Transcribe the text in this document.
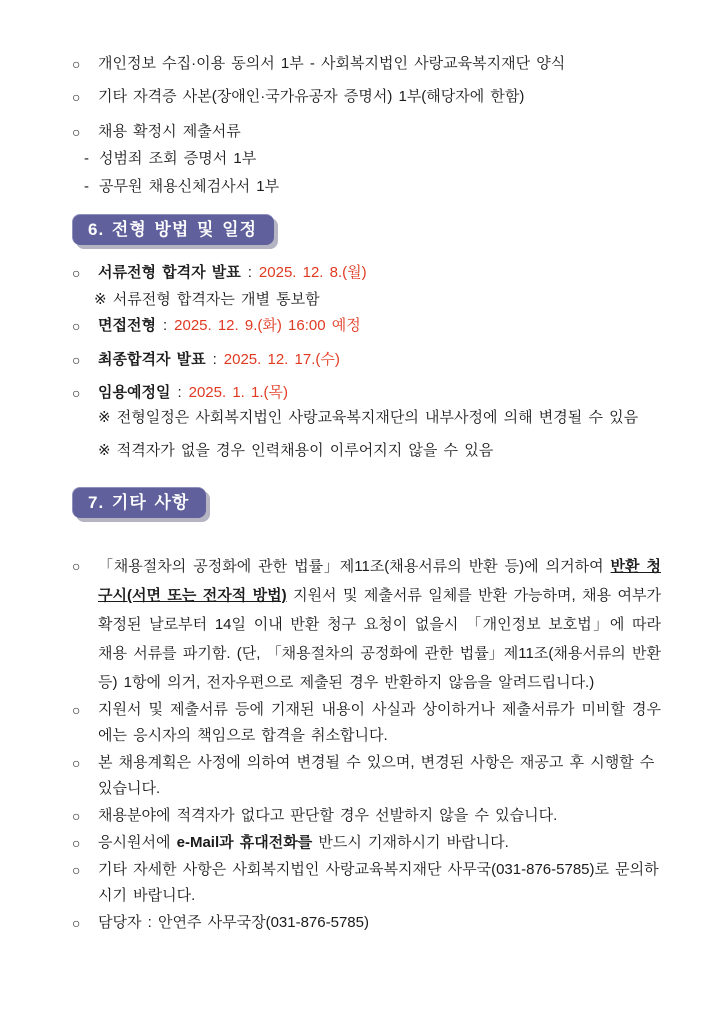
○	개인정보 수집·이용 동의서 1부 - 사회복지법인 사랑교육복지재단 양식
○	기타 자격증 사본(장애인·국가유공자 증명서) 1부(해당자에 한함)
○	채용 확정시 제출서류
- 성범죄 조회 증명서 1부
- 공무원 채용신체검사서 1부
6. 전형 방법 및 일정
○	서류전형 합격자 발표 : 2025. 12. 8.(월)
※ 서류전형 합격자는 개별 통보함
○	면접전형 : 2025. 12. 9.(화) 16:00 예정
○	최종합격자 발표 : 2025. 12. 17.(수)
○	임용예정일 : 2025. 1. 1.(목)
※ 전형일정은 사회복지법인 사랑교육복지재단의 내부사정에 의해 변경될 수 있음
※ 적격자가 없을 경우 인력채용이 이루어지지 않을 수 있음
7. 기타 사항
○	「채용절차의 공정화에 관한 법률」제11조(채용서류의 반환 등)에 의거하여 반환 청구시(서면 또는 전자적 방법) 지원서 및 제출서류 일체를 반환 가능하며, 채용 여부가 확정된 날로부터 14일 이내 반환 청구 요청이 없을시 「개인정보 보호법」에 따라 채용 서류를 파기함. (단, 「채용절차의 공정화에 관한 법률」제11조(채용서류의 반환 등) 1항에 의거, 전자우편으로 제출된 경우 반환하지 않음을 알려드립니다.)
○	지원서 및 제출서류 등에 기재된 내용이 사실과 상이하거나 제출서류가 미비할 경우에는 응시자의 책임으로 합격을 취소합니다.
○	본 채용계획은 사정에 의하여 변경될 수 있으며, 변경된 사항은 재공고 후 시행할 수 있습니다.
○	채용분야에 적격자가 없다고 판단할 경우 선발하지 않을 수 있습니다.
○	응시원서에 e-Mail과 휴대전화를 반드시 기재하시기 바랍니다.
○	기타 자세한 사항은 사회복지법인 사랑교육복지재단 사무국(031-876-5785)로 문의하시기 바랍니다.
○	담당자 : 안연주 사무국장(031-876-5785)
